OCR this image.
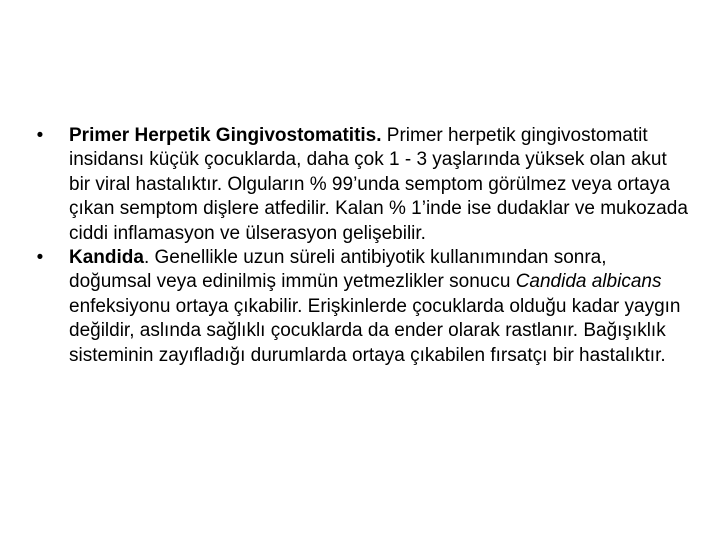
•	Primer Herpetik Gingivostomatitis. Primer herpetik gingivostomatit insidansı küçük çocuklarda, daha çok 1 - 3 yaşlarında yüksek olan akut bir viral hastalıktır. Olguların % 99’unda semptom görülmez veya ortaya çıkan semptom dişlere atfedilir. Kalan % 1’inde ise dudaklar ve mukozada ciddi inflamasyon ve ülserasyon gelişebilir.
•	Kandida. Genellikle uzun süreli antibiyotik kullanımından sonra, doğumsal veya edinilmiş immün yetmezlikler sonucu Candida albicans enfeksiyonu ortaya çıkabilir. Erişkinlerde çocuklarda olduğu kadar yaygın değildir, aslında sağlıklı çocuklarda da ender olarak rastlanır. Bağışıklık sisteminin zayıfladığı durumlarda ortaya çıkabilen fırsatçı bir hastalıktır.
